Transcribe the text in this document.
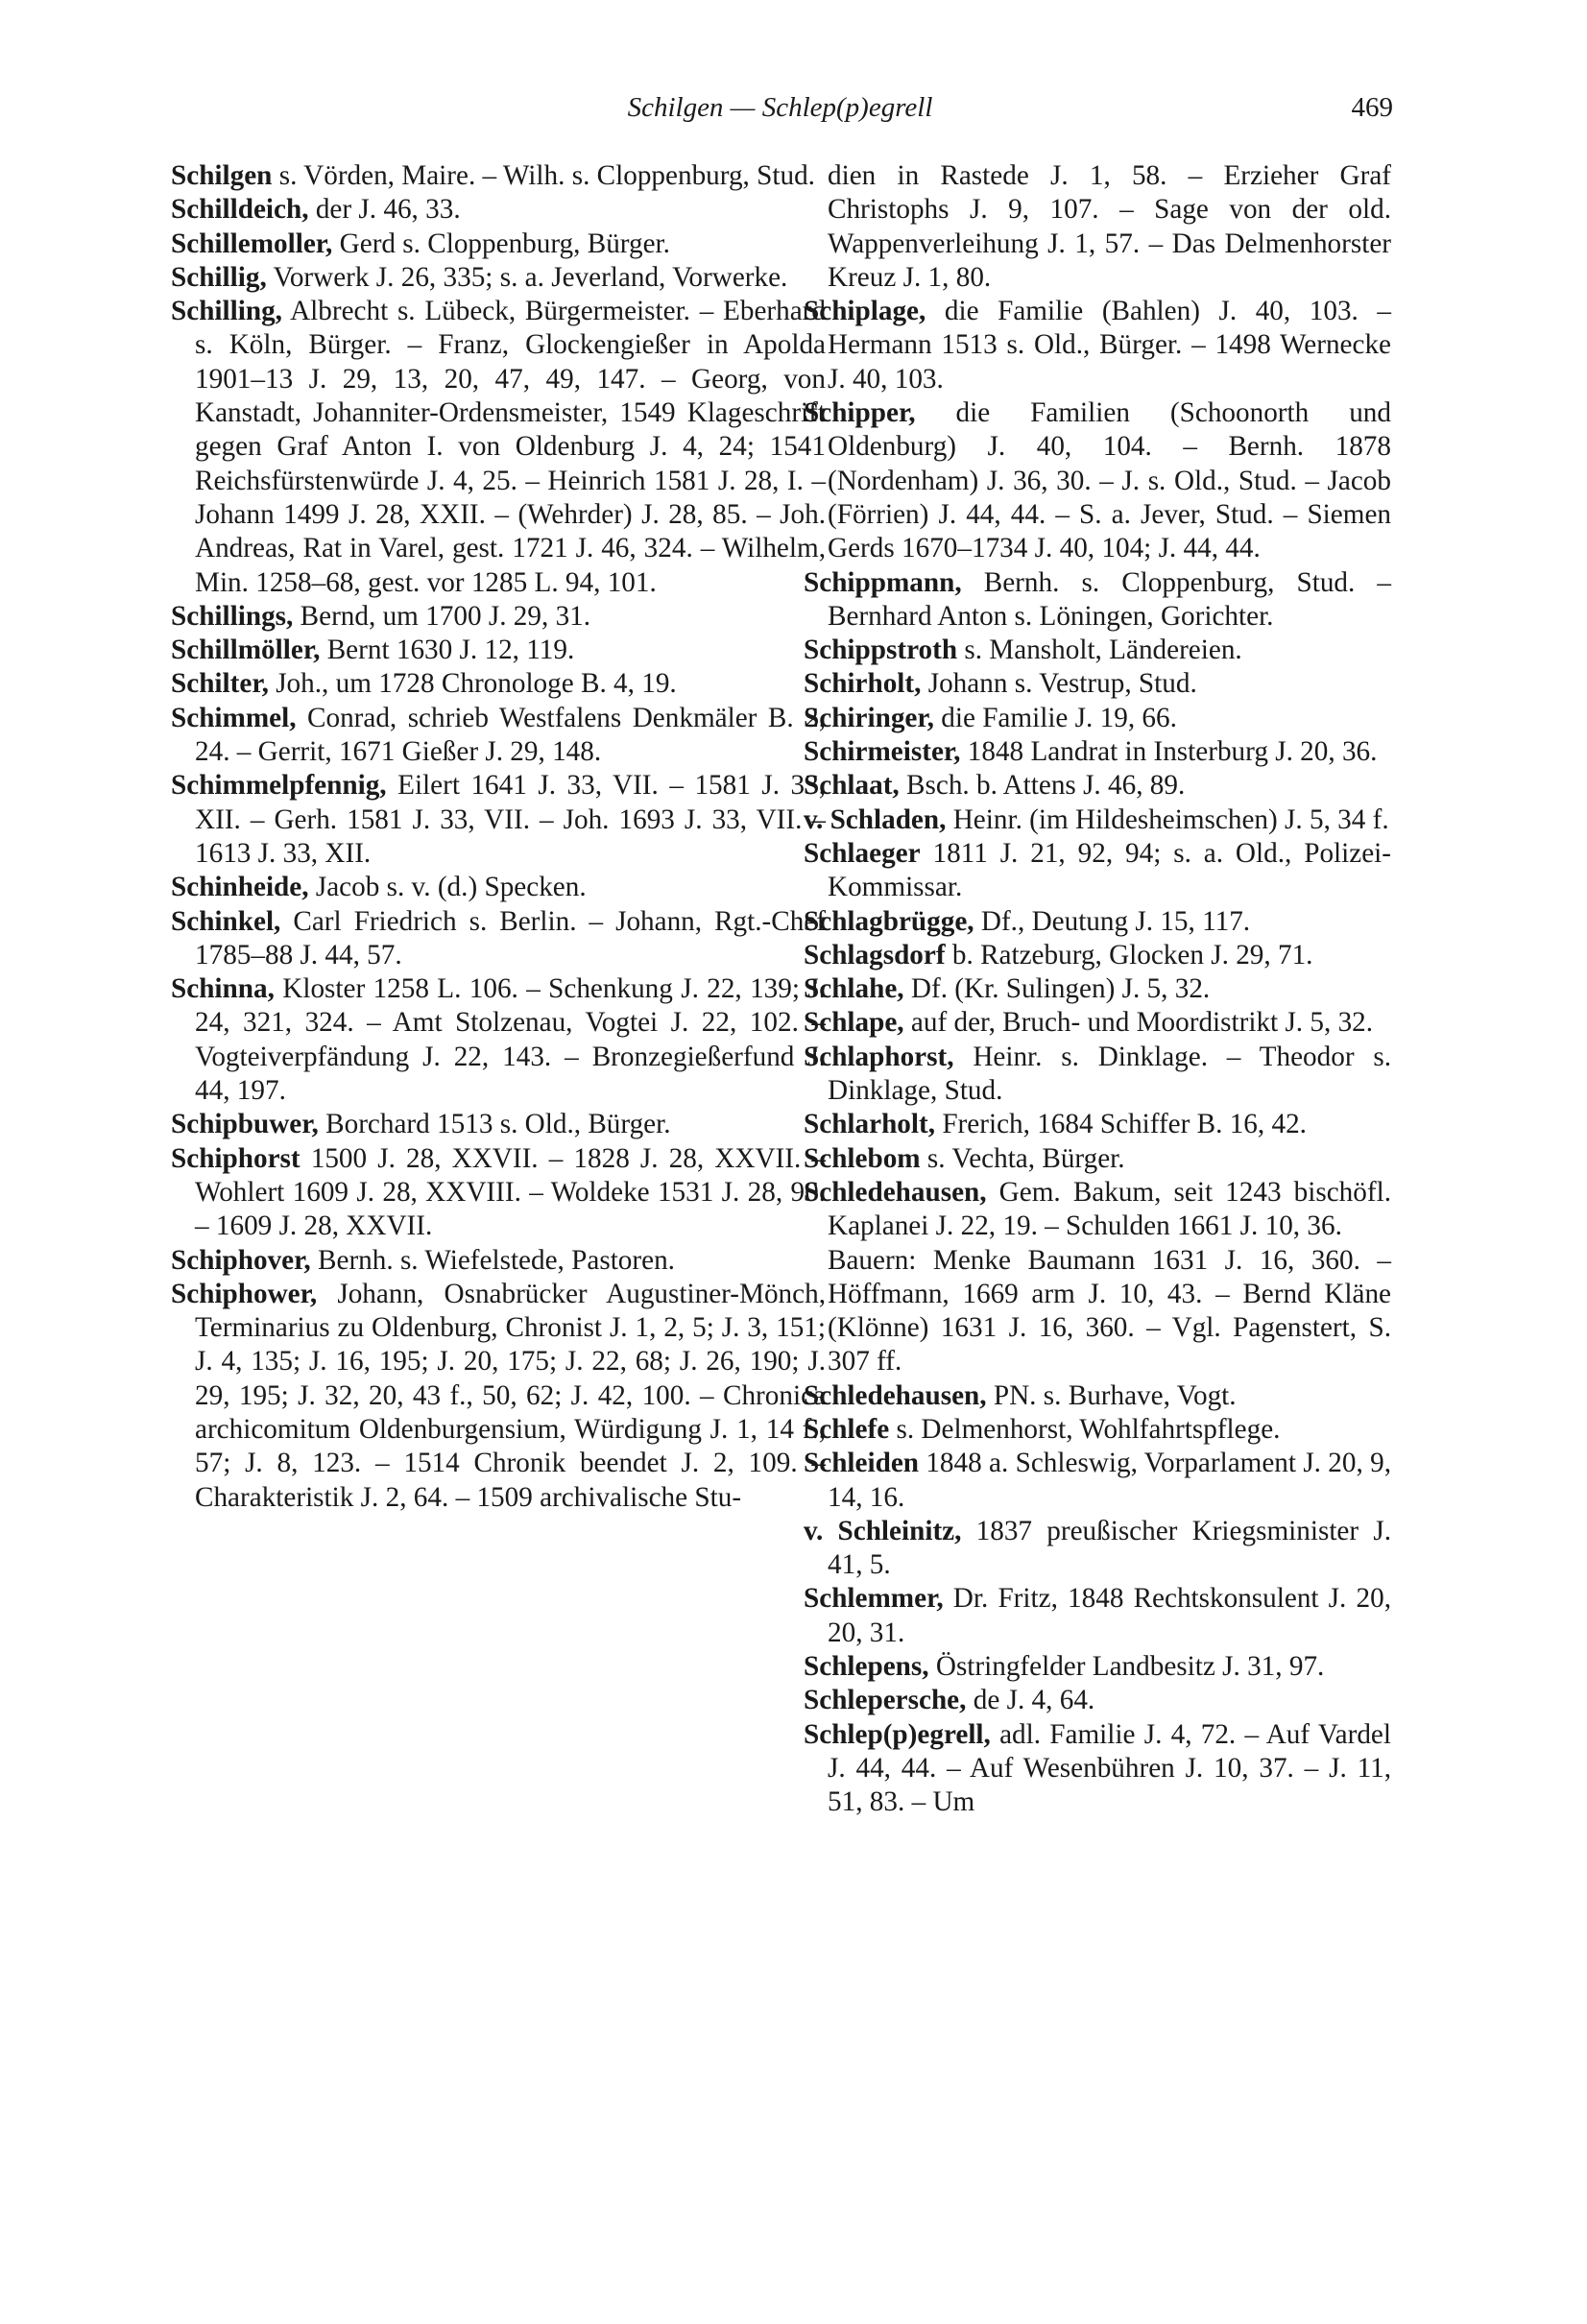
Schilgen — Schlep(p)egrell	469
Schilgen s. Vörden, Maire. – Wilh. s. Cloppenburg, Stud.
Schilldeich, der J. 46, 33.
Schillemoller, Gerd s. Cloppenburg, Bürger.
Schillig, Vorwerk J. 26, 335; s. a. Jeverland, Vorwerke.
Schilling, Albrecht s. Lübeck, Bürgermeister. – Eberhard s. Köln, Bürger. – Franz, Glockengießer in Apolda 1901–13 J. 29, 13, 20, 47, 49, 147. – Georg, von Kanstadt, Johanniter-Ordensmeister, 1549 Klageschrift gegen Graf Anton I. von Oldenburg J. 4, 24; 1541 Reichsfürstenwürde J. 4, 25. – Heinrich 1581 J. 28, I. – Johann 1499 J. 28, XXII. – (Wehrder) J. 28, 85. – Joh. Andreas, Rat in Varel, gest. 1721 J. 46, 324. – Wilhelm, Min. 1258–68, gest. vor 1285 L. 94, 101.
Schillings, Bernd, um 1700 J. 29, 31.
Schillmöller, Bernt 1630 J. 12, 119.
Schilter, Joh., um 1728 Chronologe B. 4, 19.
Schimmel, Conrad, schrieb Westfalens Denkmäler B. 2, 24. – Gerrit, 1671 Gießer J. 29, 148.
Schimmelpfennig, Eilert 1641 J. 33, VII. – 1581 J. 33, XII. – Gerh. 1581 J. 33, VII. – Joh. 1693 J. 33, VII. – 1613 J. 33, XII.
Schinheide, Jacob s. v. (d.) Specken.
Schinkel, Carl Friedrich s. Berlin. – Johann, Rgt.-Chef 1785–88 J. 44, 57.
Schinna, Kloster 1258 L. 106. – Schenkung J. 22, 139; J. 24, 321, 324. – Amt Stolzenau, Vogtei J. 22, 102. – Vogteiverpfändung J. 22, 143. – Bronzegießerfund J. 44, 197.
Schipbuwer, Borchard 1513 s. Old., Bürger.
Schiphorst 1500 J. 28, XXVII. – 1828 J. 28, XXVII. – Wohlert 1609 J. 28, XXVIII. – Woldeke 1531 J. 28, 90. – 1609 J. 28, XXVII.
Schiphover, Bernh. s. Wiefelstede, Pastoren.
Schiphower, Johann, Osnabrücker Augustiner-Mönch, Terminarius zu Oldenburg, Chronist J. 1, 2, 5; J. 3, 151; J. 4, 135; J. 16, 195; J. 20, 175; J. 22, 68; J. 26, 190; J. 29, 195; J. 32, 20, 43 f., 50, 62; J. 42, 100. – Chronica archicomitum Oldenburgensium, Würdigung J. 1, 14 f., 57; J. 8, 123. – 1514 Chronik beendet J. 2, 109. – Charakteristik J. 2, 64. – 1509 archivalische Stu-
dien in Rastede J. 1, 58. – Erzieher Graf Christophs J. 9, 107. – Sage von der old. Wappenverleihung J. 1, 57. – Das Delmenhorster Kreuz J. 1, 80.
Schiplage, die Familie (Bahlen) J. 40, 103. – Hermann 1513 s. Old., Bürger. – 1498 Wernecke J. 40, 103.
Schipper, die Familien (Schoonorth und Oldenburg) J. 40, 104. – Bernh. 1878 (Nordenham) J. 36, 30. – J. s. Old., Stud. – Jacob (Förrien) J. 44, 44. – S. a. Jever, Stud. – Siemen Gerds 1670–1734 J. 40, 104; J. 44, 44.
Schippmann, Bernh. s. Cloppenburg, Stud. – Bernhard Anton s. Löningen, Gorichter.
Schippstroth s. Mansholt, Ländereien.
Schirholt, Johann s. Vestrup, Stud.
Schiringer, die Familie J. 19, 66.
Schirmeister, 1848 Landrat in Insterburg J. 20, 36.
Schlaat, Bsch. b. Attens J. 46, 89.
v. Schladen, Heinr. (im Hildesheimschen) J. 5, 34 f.
Schlaeger 1811 J. 21, 92, 94; s. a. Old., Polizei-Kommissar.
Schlagbrügge, Df., Deutung J. 15, 117.
Schlagsdorf b. Ratzeburg, Glocken J. 29, 71.
Schlahe, Df. (Kr. Sulingen) J. 5, 32.
Schlape, auf der, Bruch- und Moordistrikt J. 5, 32.
Schlaphorst, Heinr. s. Dinklage. – Theodor s. Dinklage, Stud.
Schlarholt, Frerich, 1684 Schiffer B. 16, 42.
Schlebom s. Vechta, Bürger.
Schledehausen, Gem. Bakum, seit 1243 bischöfl. Kaplanei J. 22, 19. – Schulden 1661 J. 10, 36.
Bauern: Menke Baumann 1631 J. 16, 360. – Höffmann, 1669 arm J. 10, 43. – Bernd Kläne (Klönne) 1631 J. 16, 360. – Vgl. Pagenstert, S. 307 ff.
Schledehausen, PN. s. Burhave, Vogt.
Schlefe s. Delmenhorst, Wohlfahrtspflege.
Schleiden 1848 a. Schleswig, Vorparlament J. 20, 9, 14, 16.
v. Schleinitz, 1837 preußischer Kriegsminister J. 41, 5.
Schlemmer, Dr. Fritz, 1848 Rechtskonsulent J. 20, 20, 31.
Schlepens, Östringfelder Landbesitz J. 31, 97.
Schlepersche, de J. 4, 64.
Schlep(p)egrell, adl. Familie J. 4, 72. – Auf Vardel J. 44, 44. – Auf Wesenbühren J. 10, 37. – J. 11, 51, 83. – Um
